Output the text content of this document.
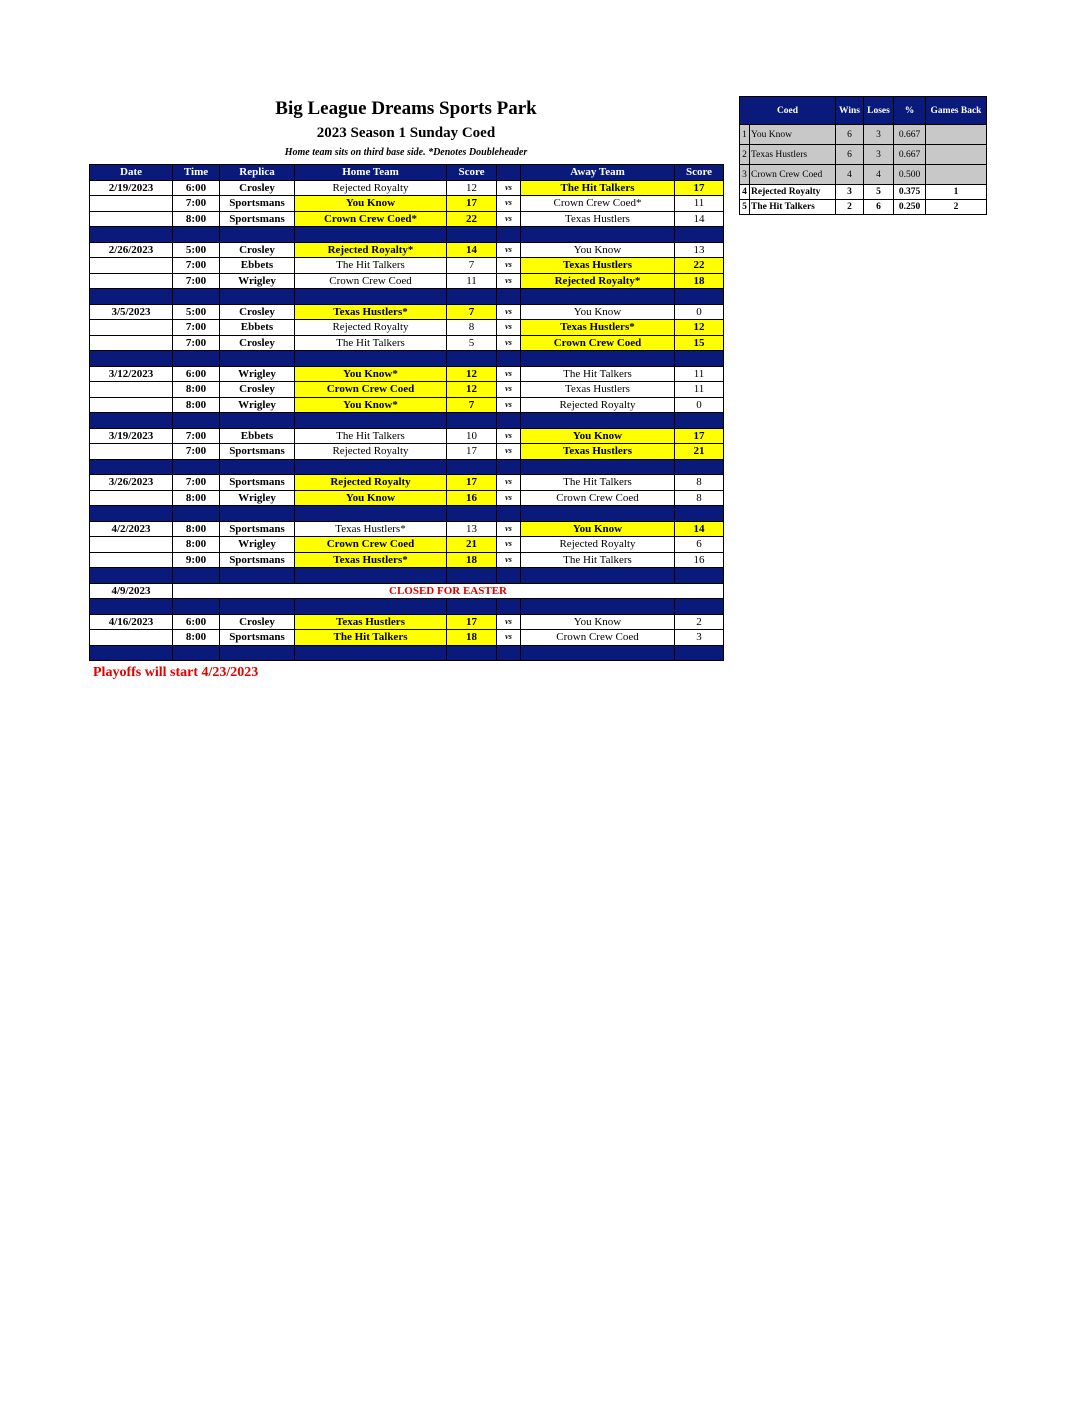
Big League Dreams Sports Park
2023 Season 1 Sunday Coed
Home team sits on third base side. *Denotes Doubleheader
Date	Time	Replica	Home Team	Score		Away Team	Score
2/19/2023	6:00	Crosley	Rejected Royalty	12	vs	The Hit Talkers	17
	7:00	Sportsmans	You Know	17	vs	Crown Crew Coed*	11
	8:00	Sportsmans	Crown Crew Coed*	22	vs	Texas Hustlers	14

2/26/2023	5:00	Crosley	Rejected Royalty*	14	vs	You Know	13
	7:00	Ebbets	The Hit Talkers	7	vs	Texas Hustlers	22
	7:00	Wrigley	Crown Crew Coed	11	vs	Rejected Royalty*	18

3/5/2023	5:00	Crosley	Texas Hustlers*	7	vs	You Know	0
	7:00	Ebbets	Rejected Royalty	8	vs	Texas Hustlers*	12
	7:00	Crosley	The Hit Talkers	5	vs	Crown Crew Coed	15

3/12/2023	6:00	Wrigley	You Know*	12	vs	The Hit Talkers	11
	8:00	Crosley	Crown Crew Coed	12	vs	Texas Hustlers	11
	8:00	Wrigley	You Know*	7	vs	Rejected Royalty	0

3/19/2023	7:00	Ebbets	The Hit Talkers	10	vs	You Know	17
	7:00	Sportsmans	Rejected Royalty	17	vs	Texas Hustlers	21

3/26/2023	7:00	Sportsmans	Rejected Royalty	17	vs	The Hit Talkers	8
	8:00	Wrigley	You Know	16	vs	Crown Crew Coed	8

4/2/2023	8:00	Sportsmans	Texas Hustlers*	13	vs	You Know	14
	8:00	Wrigley	Crown Crew Coed	21	vs	Rejected Royalty	6
	9:00	Sportsmans	Texas Hustlers*	18	vs	The Hit Talkers	16

4/9/2023	CLOSED FOR EASTER						

4/16/2023	6:00	Crosley	Texas Hustlers	17	vs	You Know	2
	8:00	Sportsmans	The Hit Talkers	18	vs	Crown Crew Coed	3

Playoffs will start 4/23/2023
Coed		Wins	Loses	%	Games Back
1	You Know	6	3	0.667	
2	Texas Hustlers	6	3	0.667	
3	Crown Crew Coed	4	4	0.500	
4	Rejected Royalty	3	5	0.375	1
5	The Hit Talkers	2	6	0.250	2
